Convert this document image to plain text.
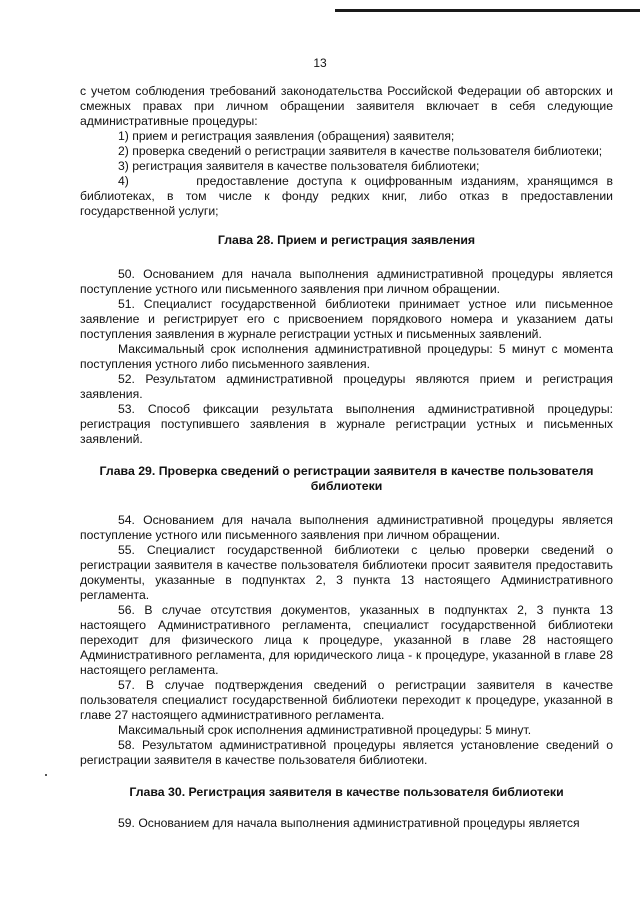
13

с учетом соблюдения требований законодательства Российской Федерации об авторских и смежных правах при личном обращении заявителя включает в себя следующие административные процедуры:

1) прием и регистрация заявления (обращения) заявителя;

2) проверка сведений о регистрации заявителя в качестве пользователя библиотеки;

3) регистрация заявителя в качестве пользователя библиотеки;

4)        предоставление доступа к оцифрованным изданиям, хранящимся в библиотеках, в том числе к фонду редких книг, либо отказ в предоставлении государственной услуги;

Глава 28. Прием и регистрация заявления

50. Основанием для начала выполнения административной процедуры является поступление устного или письменного заявления при личном обращении.

51. Специалист государственной библиотеки принимает устное или письменное заявление и регистрирует его с присвоением порядкового номера и указанием даты поступления заявления в журнале регистрации устных и письменных заявлений.

Максимальный срок исполнения административной процедуры: 5 минут с момента поступления устного либо письменного заявления.

52. Результатом административной процедуры являются прием и регистрация заявления.

53. Способ фиксации результата выполнения административной процедуры: регистрация поступившего заявления в журнале регистрации устных и письменных заявлений.

Глава 29. Проверка сведений о регистрации заявителя в качестве пользователя библиотеки

54. Основанием для начала выполнения административной процедуры является поступление устного или письменного заявления при личном обращении.

55. Специалист государственной библиотеки с целью проверки сведений о регистрации заявителя в качестве пользователя библиотеки просит заявителя предоставить документы, указанные в подпунктах 2, 3 пункта 13 настоящего Административного регламента.

56. В случае отсутствия документов, указанных в подпунктах 2, 3 пункта 13 настоящего Административного регламента, специалист государственной библиотеки переходит для физического лица к процедуре, указанной в главе 28 настоящего Административного регламента, для юридического лица - к процедуре, указанной в главе 28 настоящего регламента.

57. В случае подтверждения сведений о регистрации заявителя в качестве пользователя специалист государственной библиотеки переходит к процедуре, указанной в главе 27 настоящего административного регламента.

Максимальный срок исполнения административной процедуры: 5 минут.

58. Результатом административной процедуры является установление сведений о регистрации заявителя в качестве пользователя библиотеки.

Глава 30. Регистрация заявителя в качестве пользователя библиотеки

59. Основанием для начала выполнения административной процедуры является
